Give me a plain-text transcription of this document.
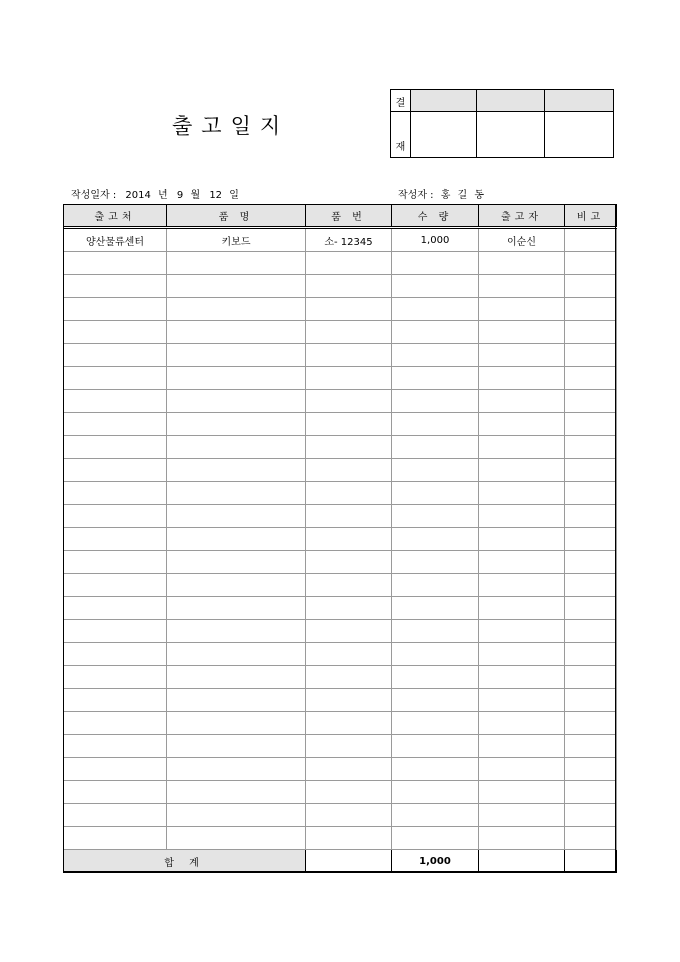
출고일지
결			
재			
작성일자 : 2014 년 9 월 12 일	작성자 : 홍 길 동
출고처	품 명	품 번	수 량	출고자	비고
양산물류센터	키보드	소- 12345	1,000	이순신	

합 계			1,000		
